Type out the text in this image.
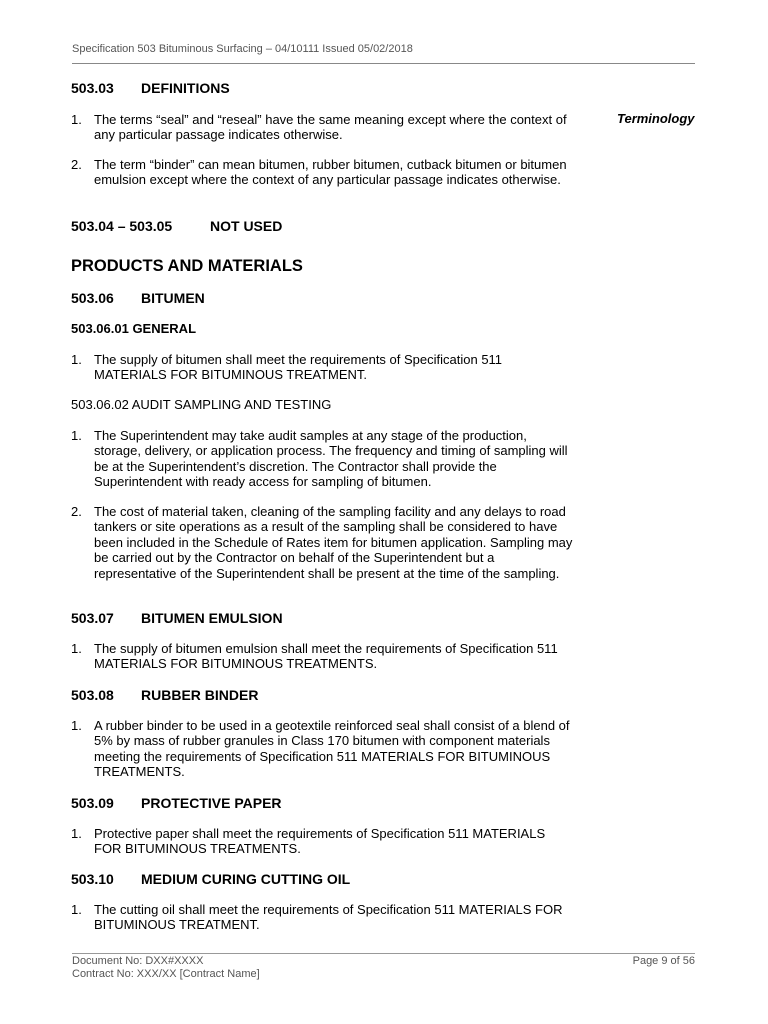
Specification 503 Bituminous Surfacing – 04/10111 Issued 05/02/2018
503.03 DEFINITIONS
Terminology
1. The terms “seal” and “reseal” have the same meaning except where the context of any particular passage indicates otherwise.
2. The term “binder” can mean bitumen, rubber bitumen, cutback bitumen or bitumen emulsion except where the context of any particular passage indicates otherwise.
503.04 – 503.05	NOT USED
PRODUCTS AND MATERIALS
503.06 BITUMEN
503.06.01 GENERAL
1. The supply of bitumen shall meet the requirements of Specification 511 MATERIALS FOR BITUMINOUS TREATMENT.
503.06.02 AUDIT SAMPLING AND TESTING
1. The Superintendent may take audit samples at any stage of the production, storage, delivery, or application process. The frequency and timing of sampling will be at the Superintendent’s discretion. The Contractor shall provide the Superintendent with ready access for sampling of bitumen.
2. The cost of material taken, cleaning of the sampling facility and any delays to road tankers or site operations as a result of the sampling shall be considered to have been included in the Schedule of Rates item for bitumen application. Sampling may be carried out by the Contractor on behalf of the Superintendent but a representative of the Superintendent shall be present at the time of the sampling.
503.07 BITUMEN EMULSION
1. The supply of bitumen emulsion shall meet the requirements of Specification 511 MATERIALS FOR BITUMINOUS TREATMENTS.
503.08 RUBBER BINDER
1. A rubber binder to be used in a geotextile reinforced seal shall consist of a blend of 5% by mass of rubber granules in Class 170 bitumen with component materials meeting the requirements of Specification 511 MATERIALS FOR BITUMINOUS TREATMENTS.
503.09 PROTECTIVE PAPER
1. Protective paper shall meet the requirements of Specification 511 MATERIALS FOR BITUMINOUS TREATMENTS.
503.10 MEDIUM CURING CUTTING OIL
1. The cutting oil shall meet the requirements of Specification 511 MATERIALS FOR BITUMINOUS TREATMENT.
Document No: DXX#XXXX
Contract No: XXX/XX [Contract Name]
Page 9 of 56
